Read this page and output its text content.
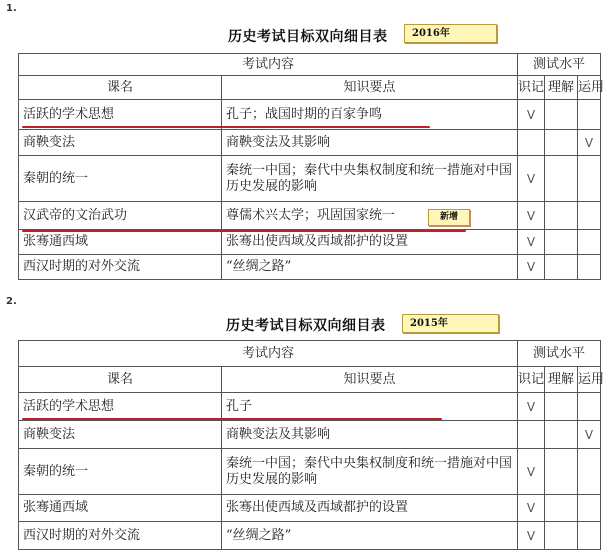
1.
历史考试目标双向细目表	2016年
考试内容		测试水平		
课名	知识要点	识记	理解	运用
活跃的学术思想	孔子；战国时期的百家争鸣	V		
商鞅变法	商鞅变法及其影响			V
秦朝的统一	秦统一中国；秦代中央集权制度和统一措施对中国历史发展的影响	V		
汉武帝的文治武功	尊儒术兴太学；巩固国家统一	V		
张骞通西域	张骞出使西域及西域都护的设置	V		
西汉时期的对外交流	“丝绸之路”	V		
新增
2.
历史考试目标双向细目表	2015年
考试内容		测试水平		
课名	知识要点	识记	理解	运用
活跃的学术思想	孔子	V		
商鞅变法	商鞅变法及其影响			V
秦朝的统一	秦统一中国；秦代中央集权制度和统一措施对中国历史发展的影响	V		
张骞通西域	张骞出使西域及西域都护的设置	V		
西汉时期的对外交流	“丝绸之路”	V		
